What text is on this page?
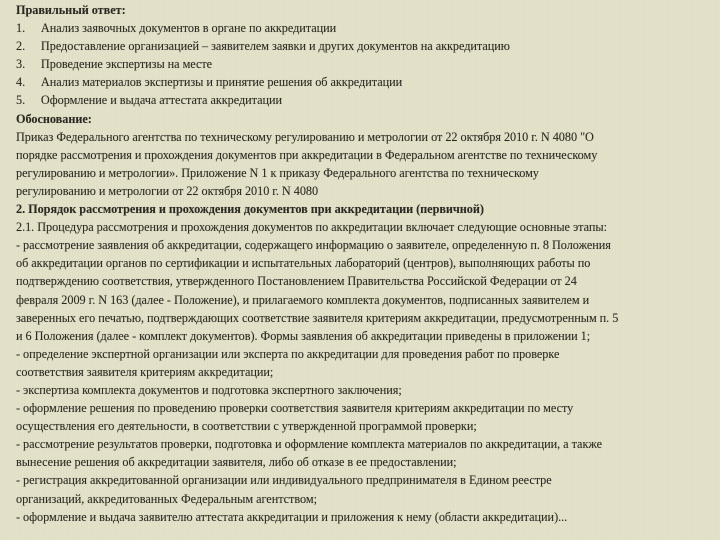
Правильный ответ:
1. Анализ заявочных документов в органе по аккредитации
2. Предоставление организацией – заявителем заявки и других документов на аккредитацию
3. Проведение экспертизы на месте
4. Анализ материалов экспертизы и принятие решения об аккредитации
5. Оформление и выдача аттестата аккредитации
Обоснование:
Приказ Федерального агентства по техническому регулированию и метрологии от 22 октября 2010 г. N 4080 "О
порядке рассмотрения и прохождения документов при аккредитации в Федеральном агентстве по техническому
регулированию и метрологии». Приложение N 1 к приказу Федерального агентства по техническому
регулированию и метрологии от 22 октября 2010 г. N 4080
2. Порядок рассмотрения и прохождения документов при аккредитации (первичной)
2.1. Процедура рассмотрения и прохождения документов по аккредитации включает следующие основные этапы:
- рассмотрение заявления об аккредитации, содержащего информацию о заявителе, определенную п. 8 Положения
об аккредитации органов по сертификации и испытательных лабораторий (центров), выполняющих работы по
подтверждению соответствия, утвержденного Постановлением Правительства Российской Федерации от 24
февраля 2009 г. N 163 (далее - Положение), и прилагаемого комплекта документов, подписанных заявителем и
заверенных его печатью, подтверждающих соответствие заявителя критериям аккредитации, предусмотренным п. 5
и 6 Положения (далее - комплект документов). Формы заявления об аккредитации приведены в приложении 1;
- определение экспертной организации или эксперта по аккредитации для проведения работ по проверке
соответствия заявителя критериям аккредитации;
- экспертиза комплекта документов и подготовка экспертного заключения;
- оформление решения по проведению проверки соответствия заявителя критериям аккредитации по месту
осуществления его деятельности, в соответствии с утвержденной программой проверки;
- рассмотрение результатов проверки, подготовка и оформление комплекта материалов по аккредитации, а также
вынесение решения об аккредитации заявителя, либо об отказе в ее предоставлении;
- регистрация аккредитованной организации или индивидуального предпринимателя в Едином реестре
организаций, аккредитованных Федеральным агентством;
- оформление и выдача заявителю аттестата аккредитации и приложения к нему (области аккредитации)...
